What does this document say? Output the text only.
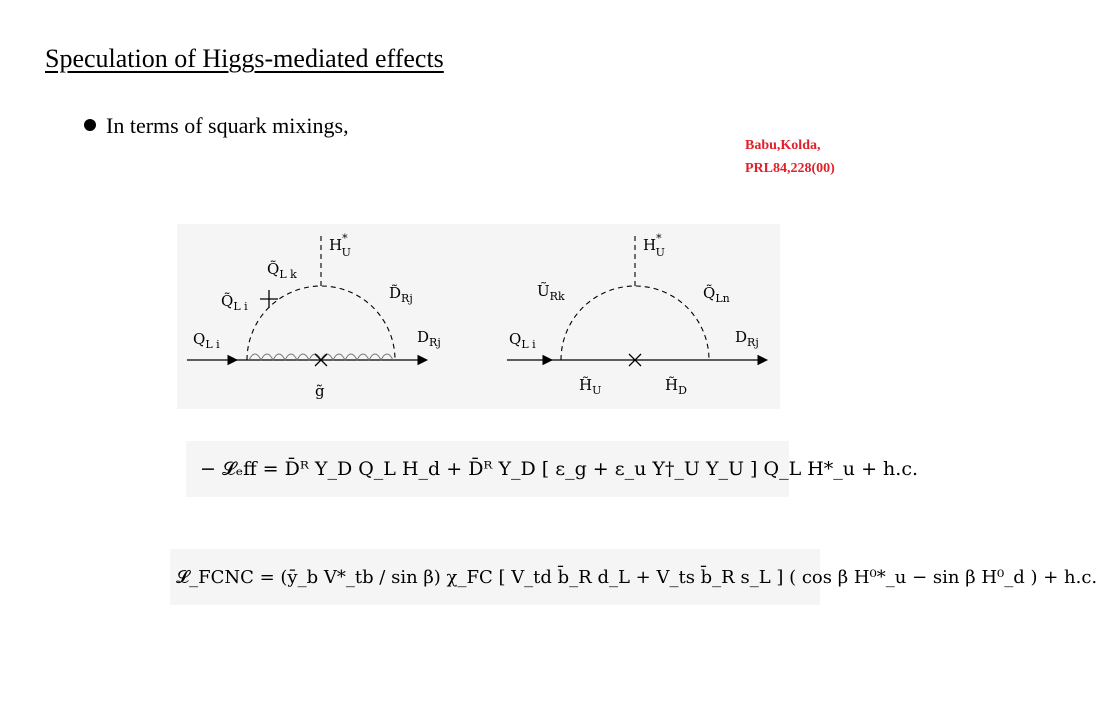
Speculation of Higgs-mediated effects
In terms of squark mixings,
Babu,Kolda,
PRL84,228(00)
H* U
$Q̃_{L k}$
$Q̃_{L i}$
$D̃_{Rj}$
$Q_{L i}$	$D_{Rj}$
g̃
H* U
$Ũ_{Rk}$	$Q̃_{Ln}$
$Q_{L i}$	$D_{Rj}$
$H̃_U$	$H̃_D$
− 𝓛ₑff = D̄ᴿ Y_D Q_L H_d + D̄ᴿ Y_D [ ε_g + ε_u Y†_U Y_U ] Q_L H*_u + h.c.
𝓛_FCNC = (ȳ_b V*_tb / sin β) χ_FC [ V_td b̄_R d_L + V_ts b̄_R s_L ] ( cos β H⁰*_u − sin β H⁰_d ) + h.c.
